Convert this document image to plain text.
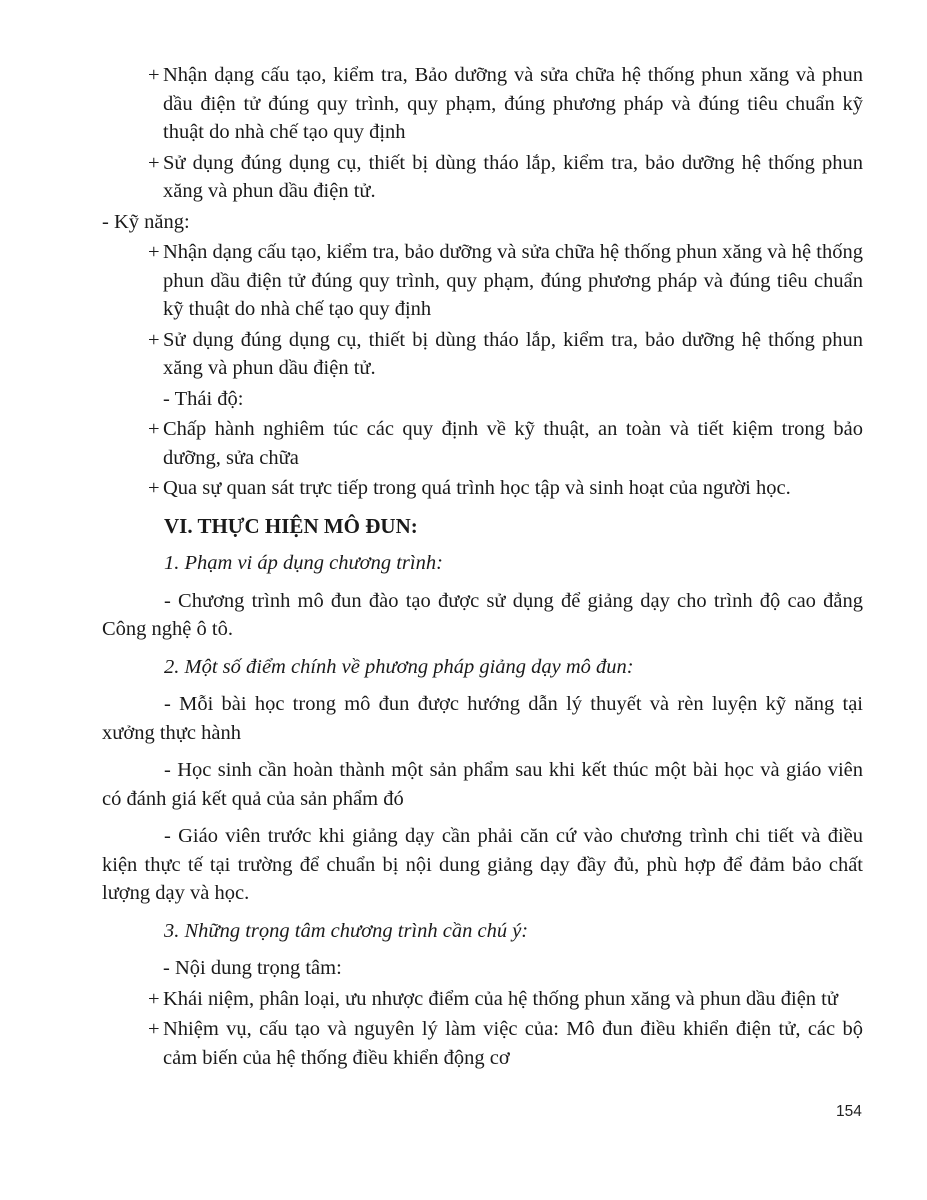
+ Nhận dạng cấu tạo, kiểm tra, Bảo dưỡng và sửa chữa hệ thống phun xăng và phun dầu điện tử đúng quy trình, quy phạm, đúng phương pháp và đúng tiêu chuẩn kỹ thuật do nhà chế tạo quy định

+ Sử dụng đúng dụng cụ, thiết bị dùng tháo lắp, kiểm tra, bảo dưỡng hệ thống phun xăng và phun dầu điện tử.

- Kỹ năng:

+ Nhận dạng cấu tạo, kiểm tra, bảo dưỡng và sửa chữa hệ thống phun xăng và hệ thống phun dầu điện tử đúng quy trình, quy phạm, đúng phương pháp và đúng tiêu chuẩn kỹ thuật do nhà chế tạo quy định

+ Sử dụng đúng dụng cụ, thiết bị dùng tháo lắp, kiểm tra, bảo dưỡng hệ thống phun xăng và phun dầu điện tử.

- Thái độ:

+ Chấp hành nghiêm túc các quy định về kỹ thuật, an toàn và tiết kiệm trong bảo dưỡng, sửa chữa

+ Qua sự quan sát trực tiếp trong quá trình học tập và sinh hoạt của người học.

VI. THỰC HIỆN MÔ ĐUN:

1. Phạm vi áp dụng chương trình:

- Chương trình mô đun đào tạo được sử dụng để giảng dạy cho trình độ cao đẳng Công nghệ ô tô.

2. Một số điểm chính về phương pháp giảng dạy mô đun:

- Mỗi bài học trong mô đun được hướng dẫn lý thuyết và rèn luyện kỹ năng tại xưởng thực hành

- Học sinh cần hoàn thành một sản phẩm sau khi kết thúc một bài học và giáo viên có đánh giá kết quả của sản phẩm đó

- Giáo viên trước khi giảng dạy cần phải căn cứ vào chương trình chi tiết và điều kiện thực tế tại trường để chuẩn bị nội dung giảng dạy đầy đủ, phù hợp để đảm bảo chất lượng dạy và học.

3. Những trọng tâm chương trình cần chú ý:

- Nội dung trọng tâm:

+ Khái niệm, phân loại, ưu nhược điểm của hệ thống phun xăng và phun dầu điện tử

+ Nhiệm vụ, cấu tạo và nguyên lý làm việc của: Mô đun điều khiển điện tử, các bộ cảm biến của hệ thống điều khiển động cơ

154
